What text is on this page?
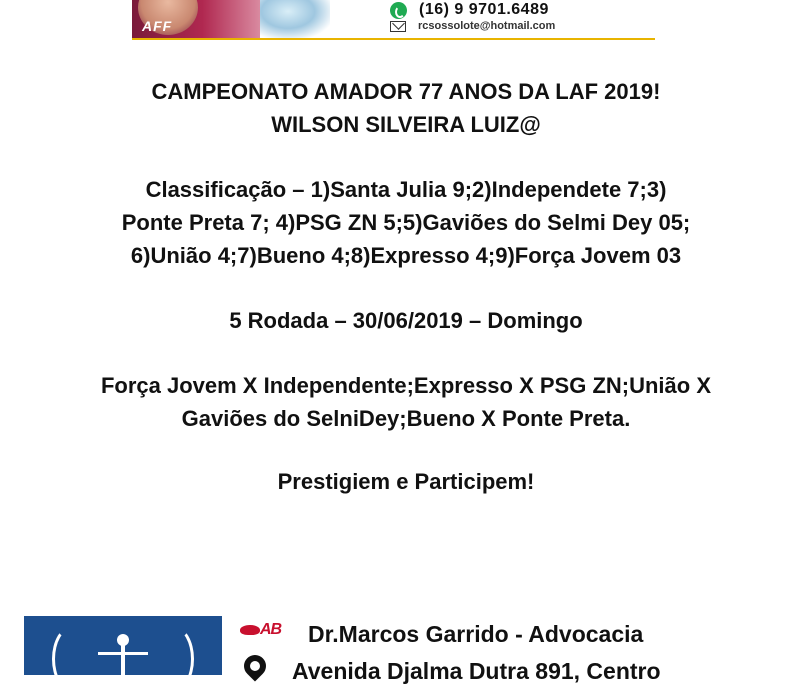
AFF
(16) 9 9701.6489
rcsossolote@hotmail.com
CAMPEONATO AMADOR 77 ANOS DA LAF 2019!
WILSON SILVEIRA LUIZ@
Classificação – 1)Santa Julia 9;2)Independete 7;3)
Ponte Preta 7; 4)PSG ZN 5;5)Gaviões do Selmi Dey 05;
6)União 4;7)Bueno 4;8)Expresso 4;9)Força Jovem 03
5 Rodada – 30/06/2019 – Domingo
Força Jovem X Independente;Expresso X PSG ZN;União X
Gaviões do SelniDey;Bueno X Ponte Preta.
Prestigiem e Participem!
AB Dr.Marcos Garrido - Advocacia
Avenida Djalma Dutra 891, Centro
